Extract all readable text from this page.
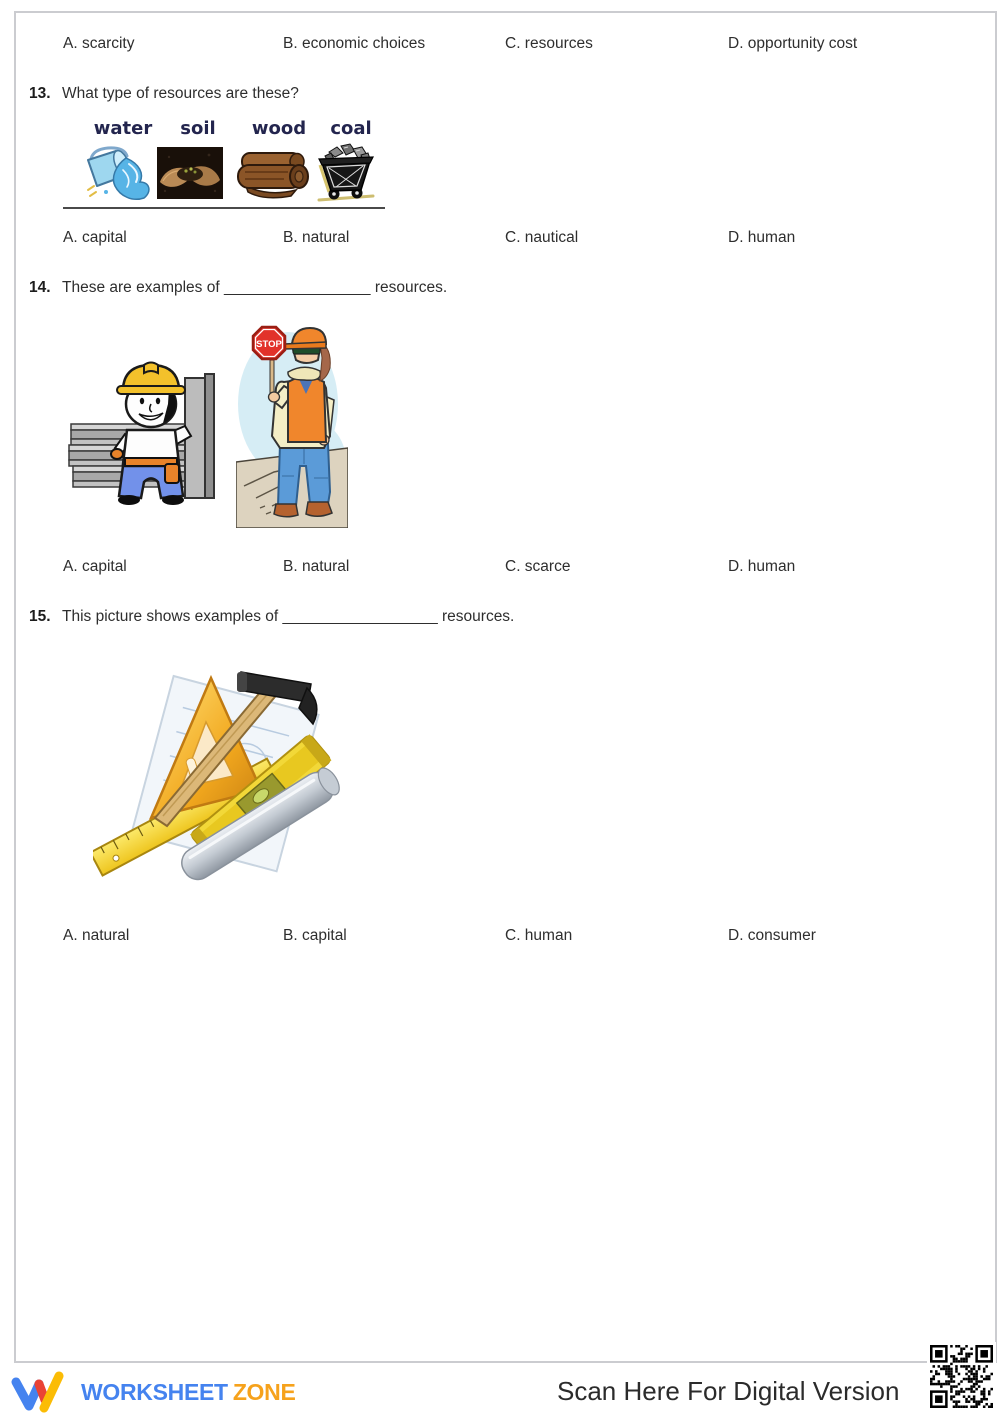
A. scarcity	B. economic choices	C. resources	D. opportunity cost
13. What type of resources are these?
water soil wood coal
A. capital	B. natural	C. nautical	D. human
14. These are examples of _________________ resources.
STOP
A. capital	B. natural	C. scarce	D. human
15. This picture shows examples of __________________ resources.
A. natural	B. capital	C. human	D. consumer
WORKSHEET ZONE	Scan Here For Digital Version
